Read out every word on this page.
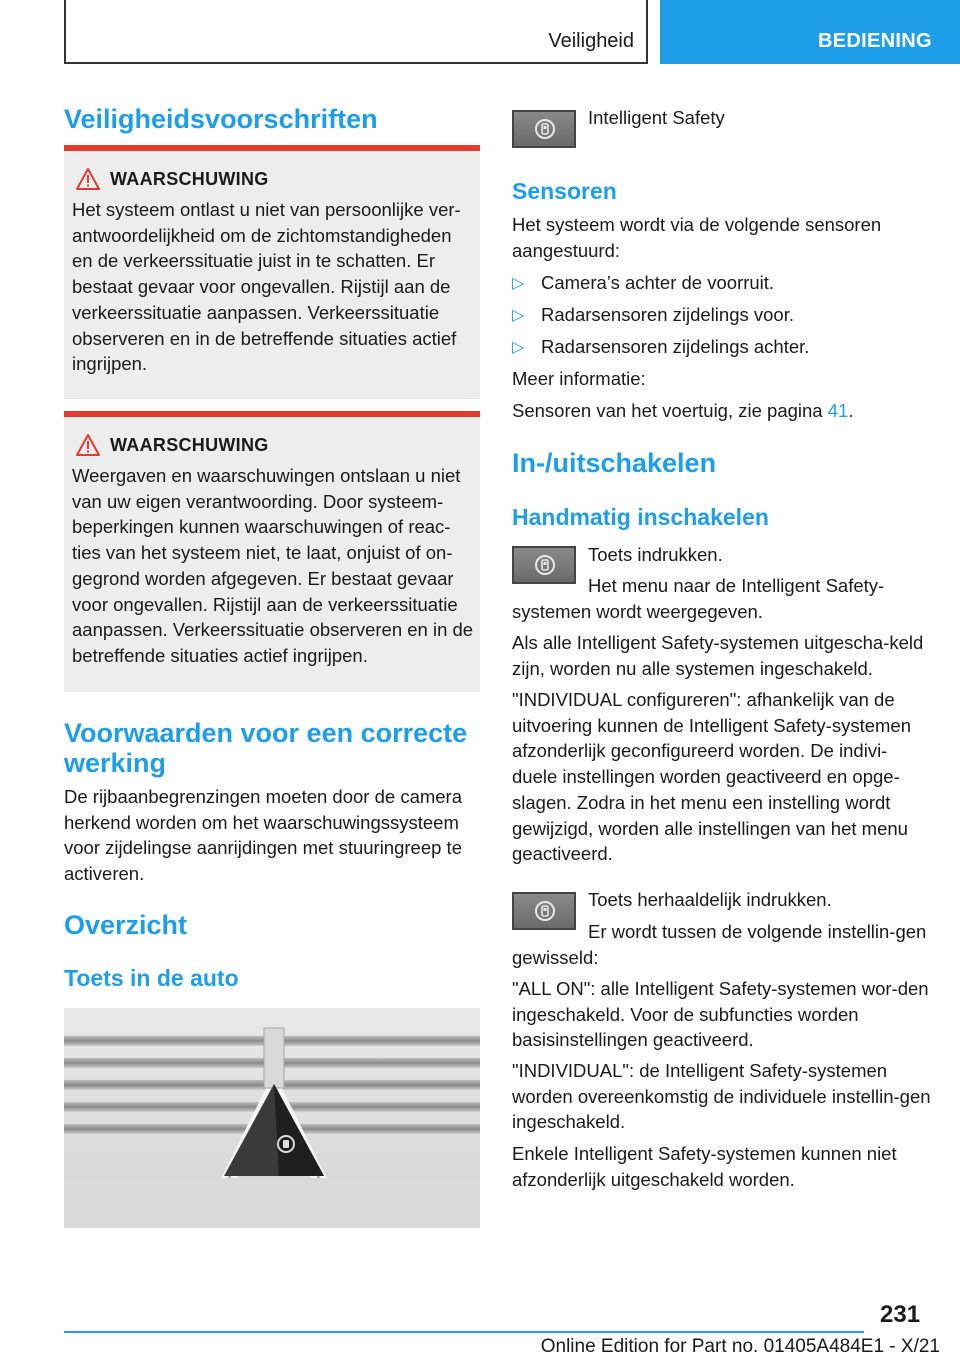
Veiligheid	BEDIENING
Veiligheidsvoorschriften
WAARSCHUWING

Het systeem ontlast u niet van persoonlijke ver-antwoordelijkheid om de zichtomstandigheden en de verkeerssituatie juist in te schatten. Er bestaat gevaar voor ongevallen. Rijstijl aan de verkeerssituatie aanpassen. Verkeerssituatie observeren en in de betreffende situaties actief ingrijpen.

WAARSCHUWING

Weergaven en waarschuwingen ontslaan u niet van uw eigen verantwoording. Door systeem-beperkingen kunnen waarschuwingen of reac-ties van het systeem niet, te laat, onjuist of on-gegrond worden afgegeven. Er bestaat gevaar voor ongevallen. Rijstijl aan de verkeerssituatie aanpassen. Verkeerssituatie observeren en in de betreffende situaties actief ingrijpen.

Voorwaarden voor een correcte werking

De rijbaanbegrenzingen moeten door de camera herkend worden om het waarschuwingssysteem voor zijdelingse aanrijdingen met stuuringreep te activeren.

Overzicht
Toets in de auto

Intelligent Safety

Sensoren

Het systeem wordt via de volgende sensoren aangestuurd:

▷ Camera’s achter de voorruit.
▷ Radarsensoren zijdelings voor.
▷ Radarsensoren zijdelings achter.

Meer informatie:

Sensoren van het voertuig, zie pagina 41.

In-/uitschakelen
Handmatig inschakelen

Toets indrukken.

Het menu naar de Intelligent Safety-systemen wordt weergegeven.

Als alle Intelligent Safety-systemen uitgescha-keld zijn, worden nu alle systemen ingeschakeld.

"INDIVIDUAL configureren": afhankelijk van de uitvoering kunnen de Intelligent Safety-systemen afzonderlijk geconfigureerd worden. De indivi-duele instellingen worden geactiveerd en opge-slagen. Zodra in het menu een instelling wordt gewijzigd, worden alle instellingen van het menu geactiveerd.

Toets herhaaldelijk indrukken.

Er wordt tussen de volgende instellin-gen gewisseld:

"ALL ON": alle Intelligent Safety-systemen wor-den ingeschakeld. Voor de subfuncties worden basisinstellingen geactiveerd.

"INDIVIDUAL": de Intelligent Safety-systemen worden overeenkomstig de individuele instellin-gen ingeschakeld.

Enkele Intelligent Safety-systemen kunnen niet afzonderlijk uitgeschakeld worden.

231
Online Edition for Part no. 01405A484E1 - X/21
